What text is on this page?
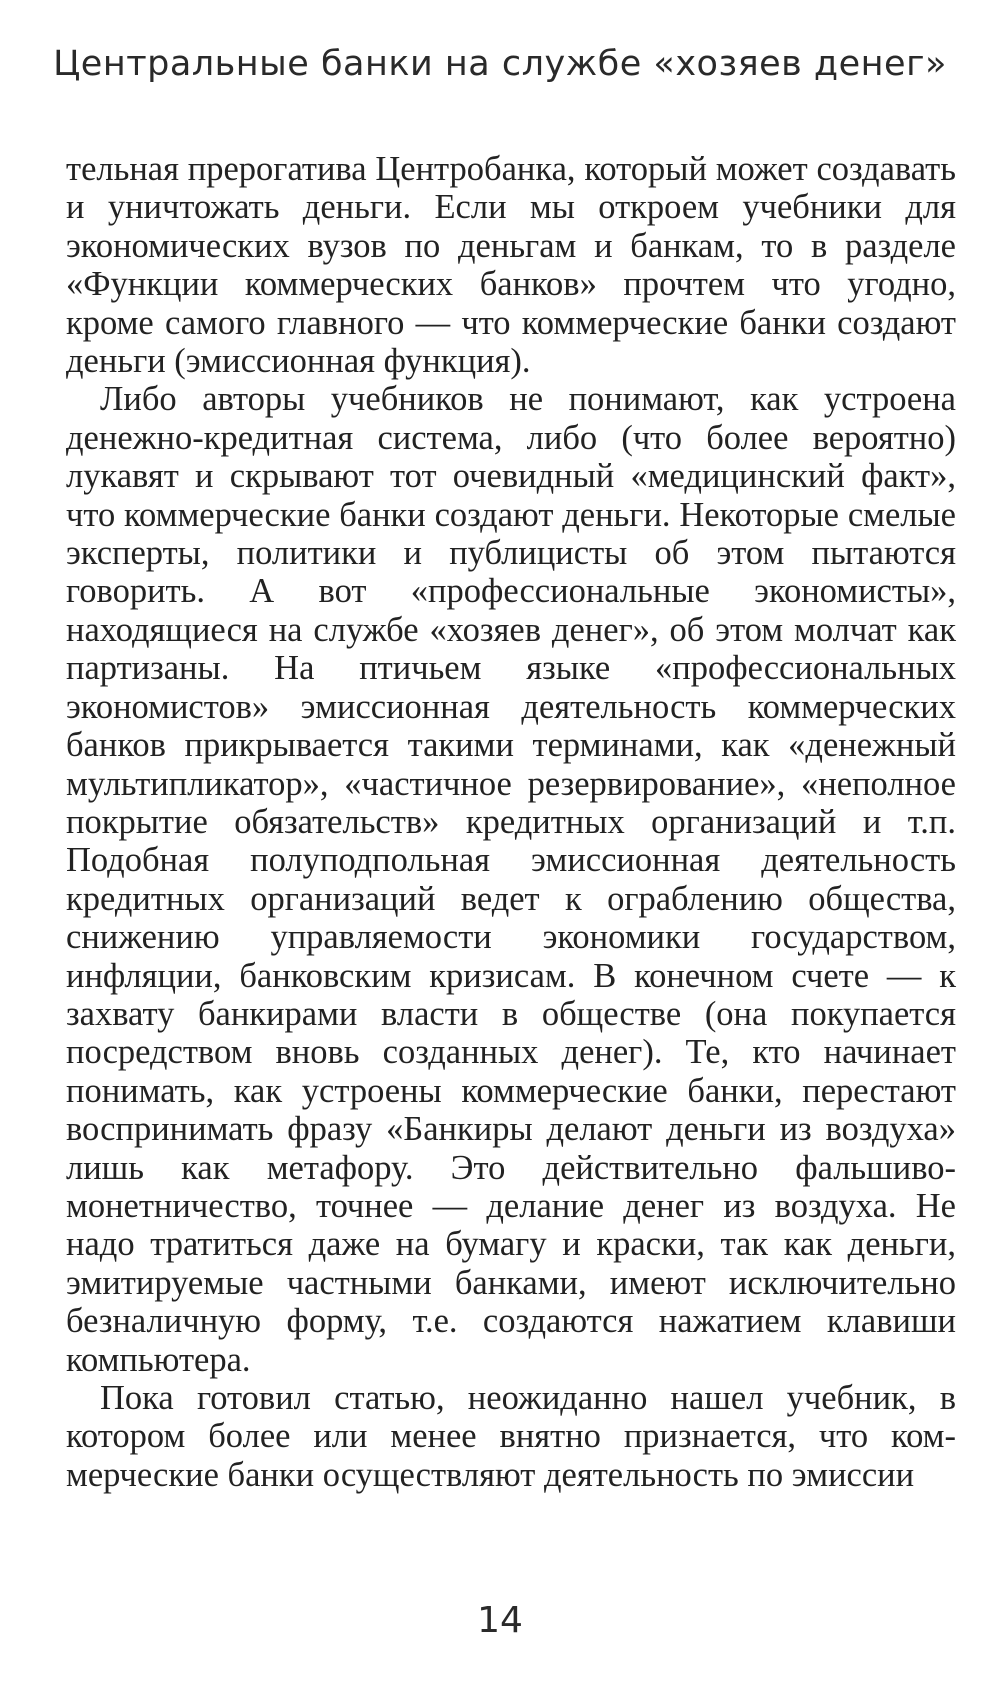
Центральные банки на службе «хозяев денег»

тельная прерогатива Центробанка, который может создавать и уничтожать деньги. Если мы откроем учебники для экономических вузов по деньгам и банкам, то в разделе «Функции коммерческих банков» прочтем что угодно, кроме самого главного — что коммерческие банки создают деньги (эмиссионная функция).

Либо авторы учебников не понимают, как устроена денежно-кредитная система, либо (что более вероятно) лукавят и скрывают тот очевидный «медицинский факт», что коммерческие банки создают деньги. Некоторые смелые эксперты, политики и публицисты об этом пытаются говорить. А вот «профессиональные экономисты», находящиеся на службе «хозяев денег», об этом молчат как партизаны. На птичьем языке «профессиональных экономистов» эмиссионная деятельность коммерческих банков прикрывается такими терминами, как «денежный мультипликатор», «частичное резервирование», «неполное покрытие обязательств» кредитных организаций и т.п. Подобная полуподпольная эмиссионная деятельность кредитных организаций ведет к ограблению общества, снижению управляемости экономики государством, инфляции, банковским кризисам. В конечном счете — к захвату банкирами власти в обществе (она покупается посредством вновь созданных денег). Те, кто начинает понимать, как устроены коммерческие банки, перестают воспринимать фразу «Банкиры делают деньги из воздуха» лишь как метафору. Это действительно фальшивомонетничество, точнее — делание денег из воздуха. Не надо тратиться даже на бумагу и краски, так как деньги, эмитируемые частными банками, имеют исключительно безналичную форму, т.е. создаются нажатием клавиши компьютера.

Пока готовил статью, неожиданно нашел учебник, в котором более или менее внятно признается, что коммерческие банки осуществляют деятельность по эмиссии

14
